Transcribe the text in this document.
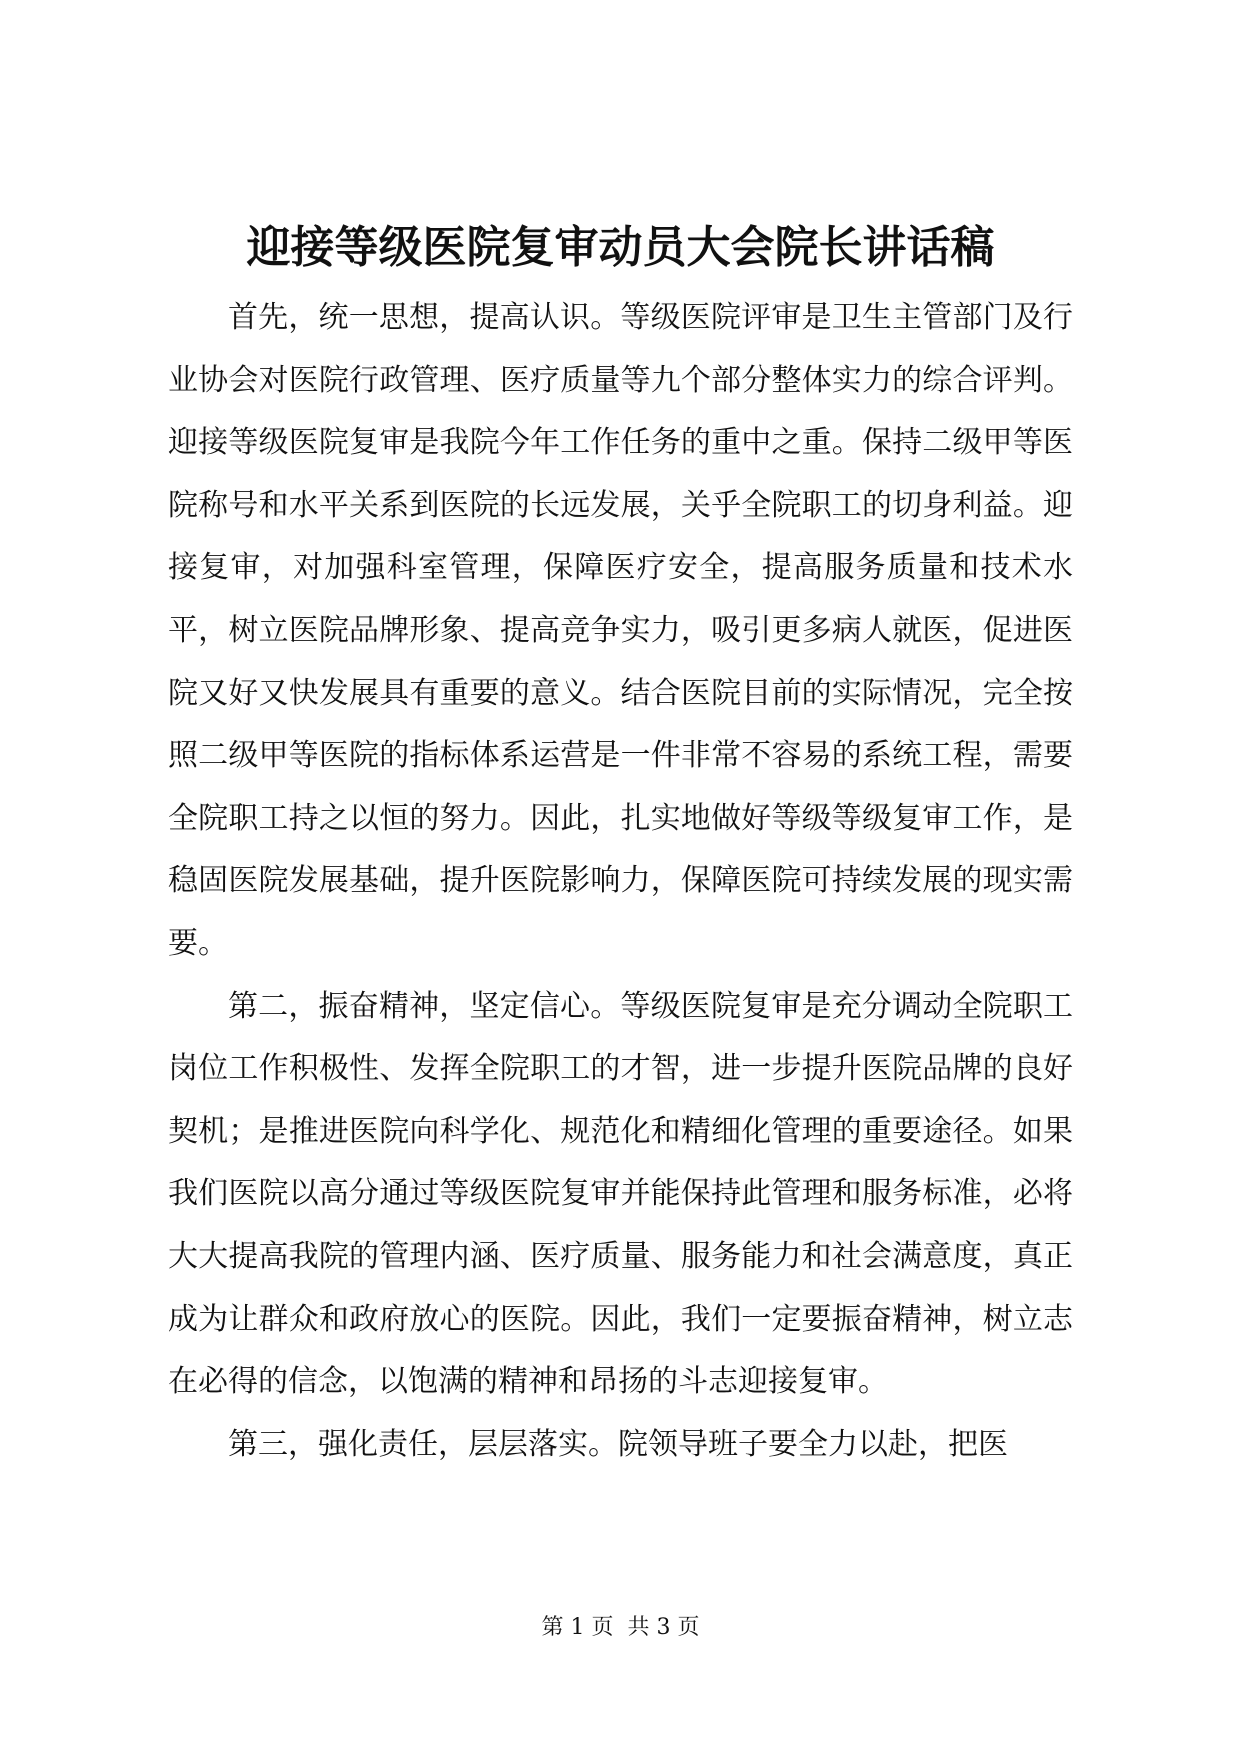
迎接等级医院复审动员大会院长讲话稿

首先，统一思想，提高认识。等级医院评审是卫生主管部门及行业协会对医院行政管理、医疗质量等九个部分整体实力的综合评判。迎接等级医院复审是我院今年工作任务的重中之重。保持二级甲等医院称号和水平关系到医院的长远发展，关乎全院职工的切身利益。迎接复审，对加强科室管理，保障医疗安全，提高服务质量和技术水平，树立医院品牌形象、提高竞争实力，吸引更多病人就医，促进医院又好又快发展具有重要的意义。结合医院目前的实际情况，完全按照二级甲等医院的指标体系运营是一件非常不容易的系统工程，需要全院职工持之以恒的努力。因此，扎实地做好等级等级复审工作，是稳固医院发展基础，提升医院影响力，保障医院可持续发展的现实需要。

第二，振奋精神，坚定信心。等级医院复审是充分调动全院职工岗位工作积极性、发挥全院职工的才智，进一步提升医院品牌的良好契机；是推进医院向科学化、规范化和精细化管理的重要途径。如果我们医院以高分通过等级医院复审并能保持此管理和服务标准，必将大大提高我院的管理内涵、医疗质量、服务能力和社会满意度，真正成为让群众和政府放心的医院。因此，我们一定要振奋精神，树立志在必得的信念，以饱满的精神和昂扬的斗志迎接复审。

第三，强化责任，层层落实。院领导班子要全力以赴，把医

第 1 页  共 3 页
